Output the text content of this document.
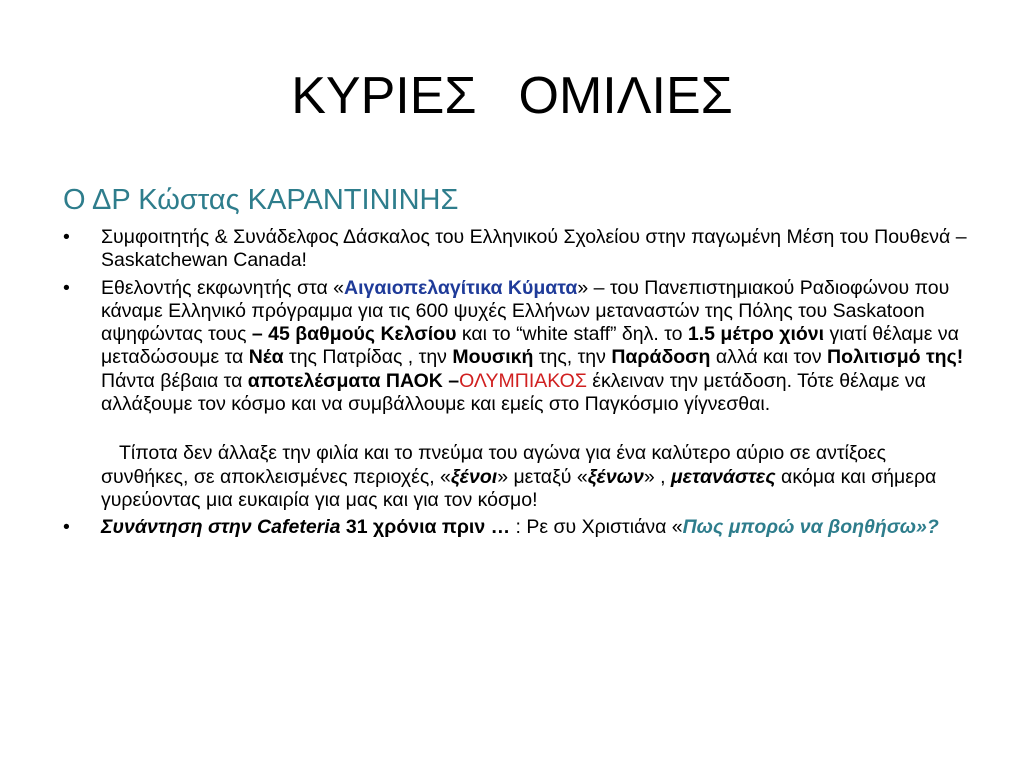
ΚΥΡΙΕΣ ΟΜΙΛΙΕΣ
Ο ΔΡ Κώστας ΚΑΡΑΝΤΙΝΙΝΗΣ
•	Συμφοιτητής & Συνάδελφος Δάσκαλος του Ελληνικού Σχολείου στην παγωμένη Μέση του Πουθενά – Saskatchewan Canada!
•	Εθελοντής εκφωνητής στα «Αιγαιοπελαγίτικα Κύματα» – του Πανεπιστημιακού Ραδιοφώνου που κάναμε Ελληνικό πρόγραμμα για τις 600 ψυχές Ελλήνων μεταναστών της Πόλης του Saskatoon αψηφώντας τους – 45 βαθμούς Κελσίου και το “white staff” δηλ. το 1.5 μέτρο χιόνι γιατί θέλαμε να μεταδώσουμε τα Νέα της Πατρίδας , την Μουσική της, την Παράδοση αλλά και τον Πολιτισμό της! Πάντα βέβαια τα αποτελέσματα ΠΑΟΚ –ΟΛΥΜΠΙΑΚΟΣ έκλειναν την μετάδοση. Τότε θέλαμε να αλλάξουμε τον κόσμο και να συμβάλλουμε και εμείς στο Παγκόσμιο γίγνεσθαι.
Τίποτα δεν άλλαξε την φιλία και το πνεύμα του αγώνα για ένα καλύτερο αύριο σε αντίξοες συνθήκες, σε αποκλεισμένες περιοχές, «ξένοι» μεταξύ «ξένων» , μετανάστες ακόμα και σήμερα γυρεύοντας μια ευκαιρία για μας και για τον κόσμο!
•	Συνάντηση στην Cafeteria 31 χρόνια πριν … : Ρε συ Χριστιάνα «Πως μπορώ να βοηθήσω»?
